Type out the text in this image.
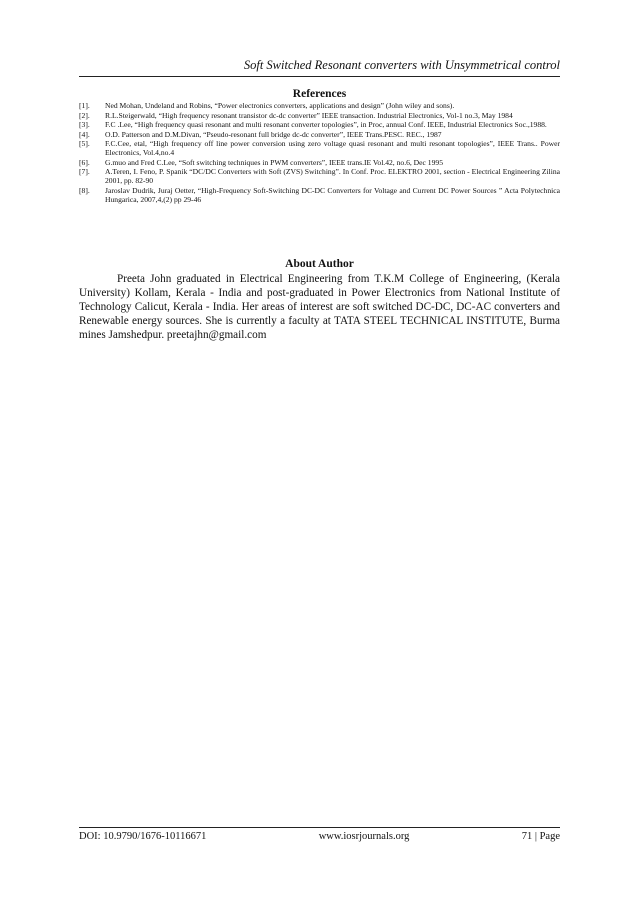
Soft Switched Resonant converters with Unsymmetrical control
References
[1].	Ned Mohan, Undeland and Robins, “Power electronics converters, applications and design” (John wiley and sons).
[2].	R.L.Steigerwald, “High frequency resonant transistor dc-dc converter” IEEE transaction. Industrial Electronics, Vol-1 no.3, May 1984
[3].	F.C .Lee, “High frequency quasi resonant and multi resonant converter topologies”, in Proc, annual Conf. IEEE, Industrial Electronics Soc.,1988.
[4].	O.D. Patterson and D.M.Divan, “Pseudo-resonant full bridge dc-dc converter”, IEEE Trans.PESC. REC., 1987
[5].	F.C.Cee, etal, “High frequency off line power conversion using zero voltage quasi resonant and multi resonant topologies”, IEEE Trans.. Power Electronics, Vol.4,no.4
[6].	G.muo and Fred C.Lee, “Soft switching techniques in PWM converters”, IEEE trans.IE Vol.42, no.6, Dec 1995
[7].	A.Teren, I. Feno, P. Spanik “DC/DC Converters with Soft (ZVS) Switching”. In Conf. Proc. ELEKTRO 2001, section - Electrical Engineering Zilina 2001, pp. 82-90
[8].	Jaroslav Dudrik, Juraj Oetter, “High-Frequency Soft-Switching DC-DC Converters for Voltage and Current DC Power Sources ” Acta Polytechnica Hungarica, 2007,4,(2) pp 29-46
About Author
Preeta John graduated in Electrical Engineering from T.K.M College of Engineering, (Kerala University) Kollam, Kerala - India and post-graduated in Power Electronics from National Institute of Technology Calicut, Kerala - India. Her areas of interest are soft switched DC-DC, DC-AC converters and Renewable energy sources. She is currently a faculty at TATA STEEL TECHNICAL INSTITUTE, Burma mines Jamshedpur. preetajhn@gmail.com
DOI: 10.9790/1676-10116671	www.iosrjournals.org	71 | Page
